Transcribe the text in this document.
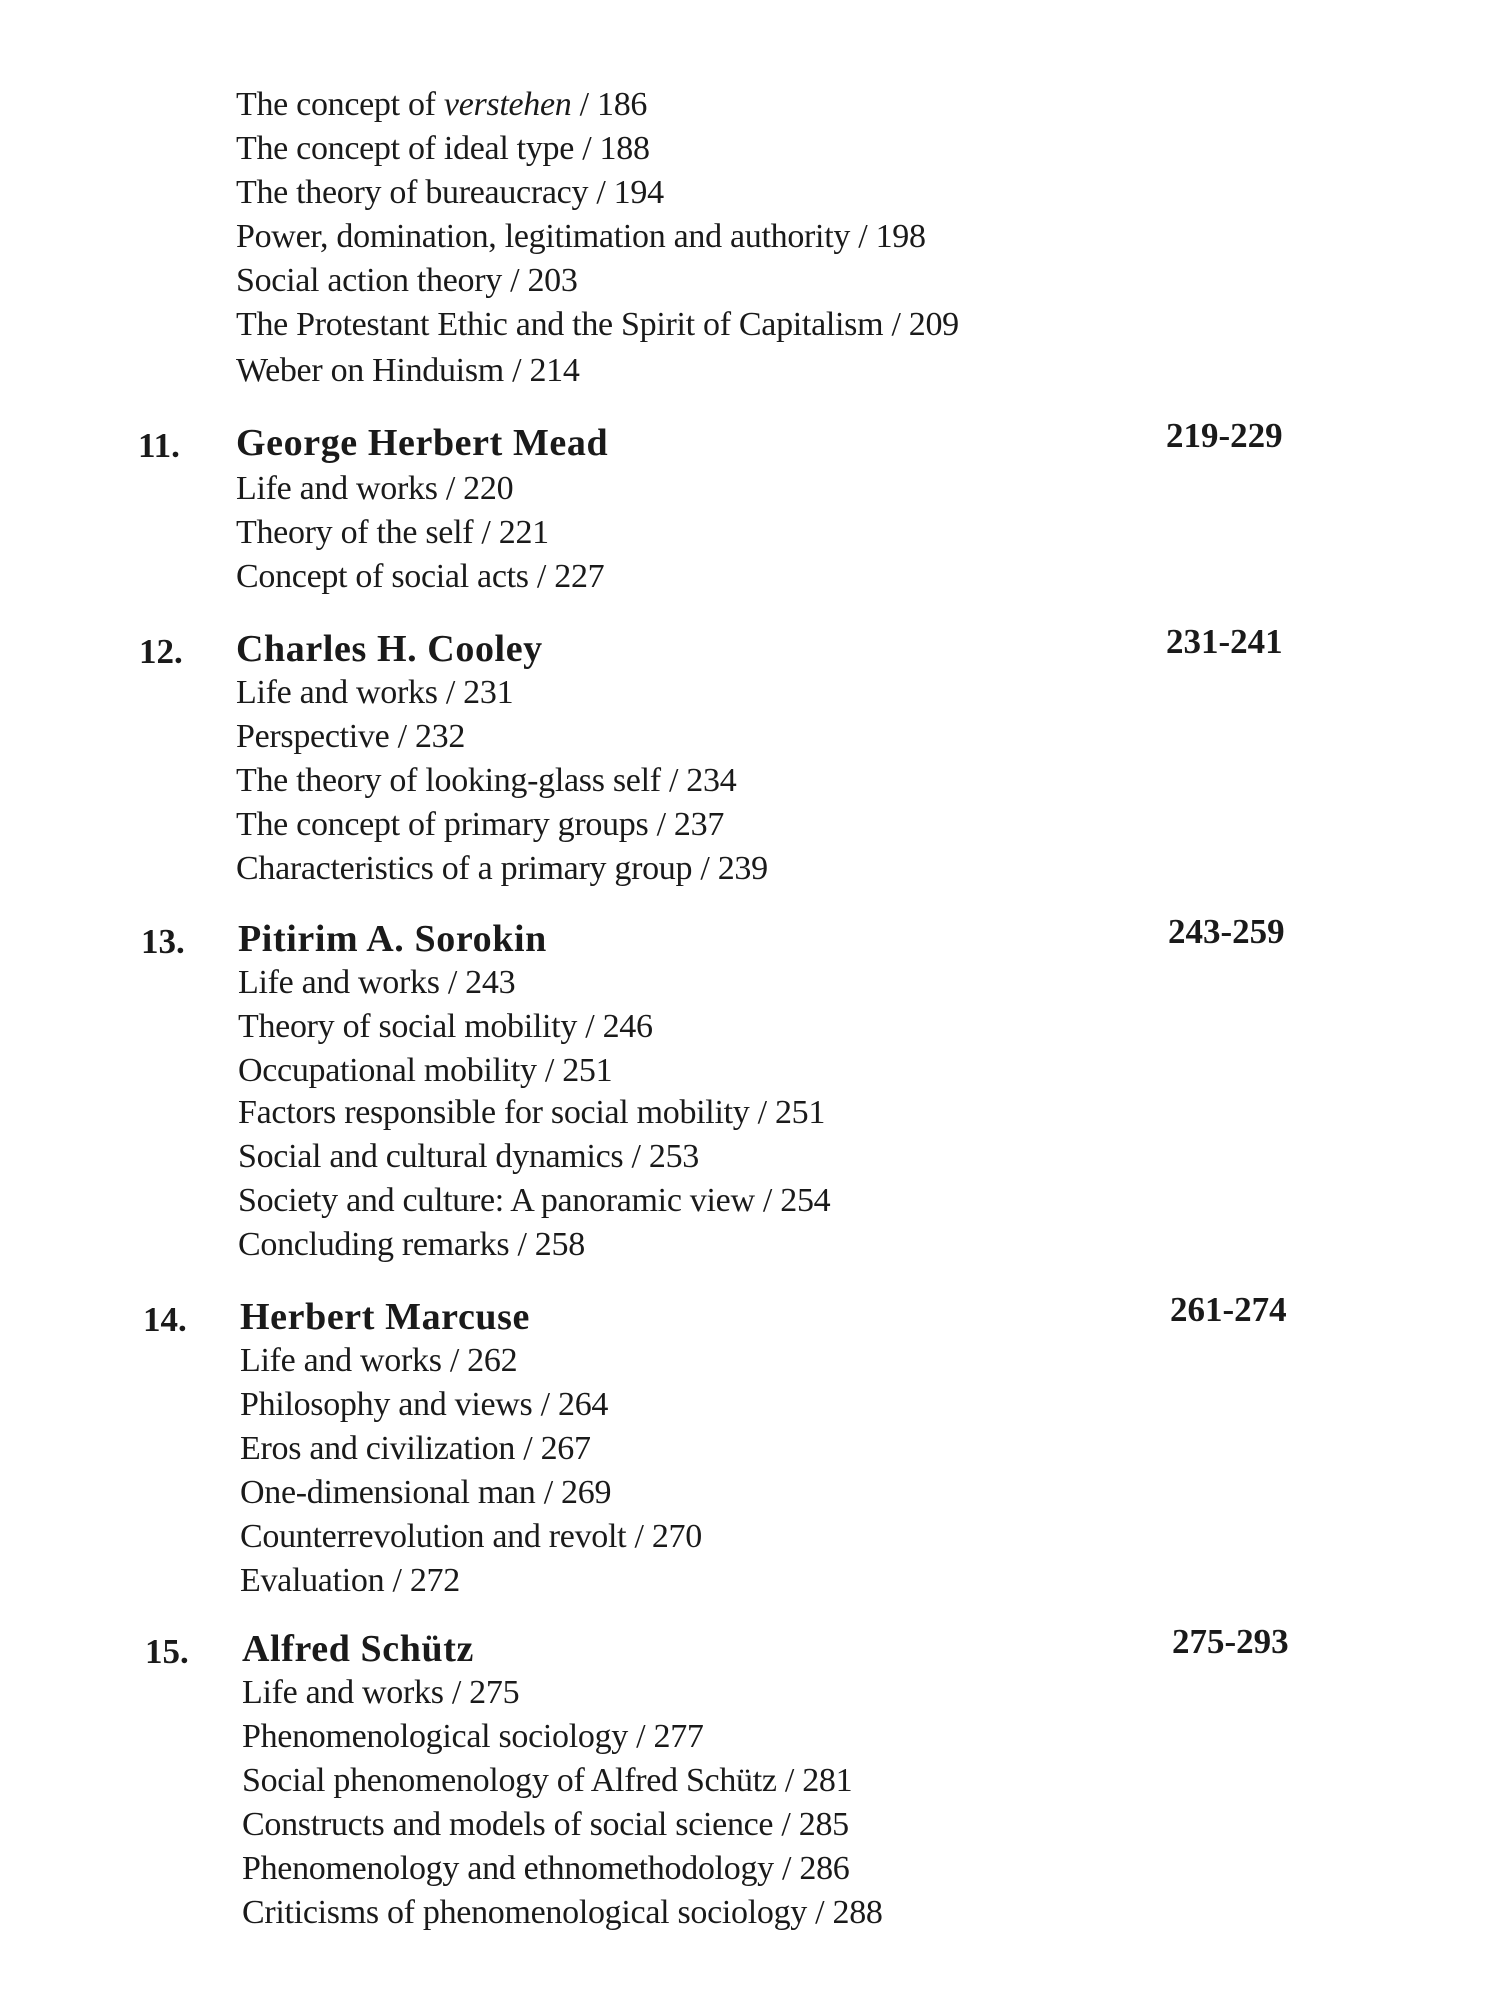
The concept of verstehen / 186
The concept of ideal type / 188
The theory of bureaucracy / 194
Power, domination, legitimation and authority / 198
Social action theory / 203
The Protestant Ethic and the Spirit of Capitalism / 209
Weber on Hinduism / 214
11. George Herbert Mead	219-229
Life and works / 220
Theory of the self / 221
Concept of social acts / 227
12. Charles H. Cooley	231-241
Life and works / 231
Perspective / 232
The theory of looking-glass self / 234
The concept of primary groups / 237
Characteristics of a primary group / 239
13. Pitirim A. Sorokin	243-259
Life and works / 243
Theory of social mobility / 246
Occupational mobility / 251
Factors responsible for social mobility / 251
Social and cultural dynamics / 253
Society and culture: A panoramic view / 254
Concluding remarks / 258
14. Herbert Marcuse	261-274
Life and works / 262
Philosophy and views / 264
Eros and civilization / 267
One-dimensional man / 269
Counterrevolution and revolt / 270
Evaluation / 272
15. Alfred Schütz	275-293
Life and works / 275
Phenomenological sociology / 277
Social phenomenology of Alfred Schütz / 281
Constructs and models of social science / 285
Phenomenology and ethnomethodology / 286
Criticisms of phenomenological sociology / 288
